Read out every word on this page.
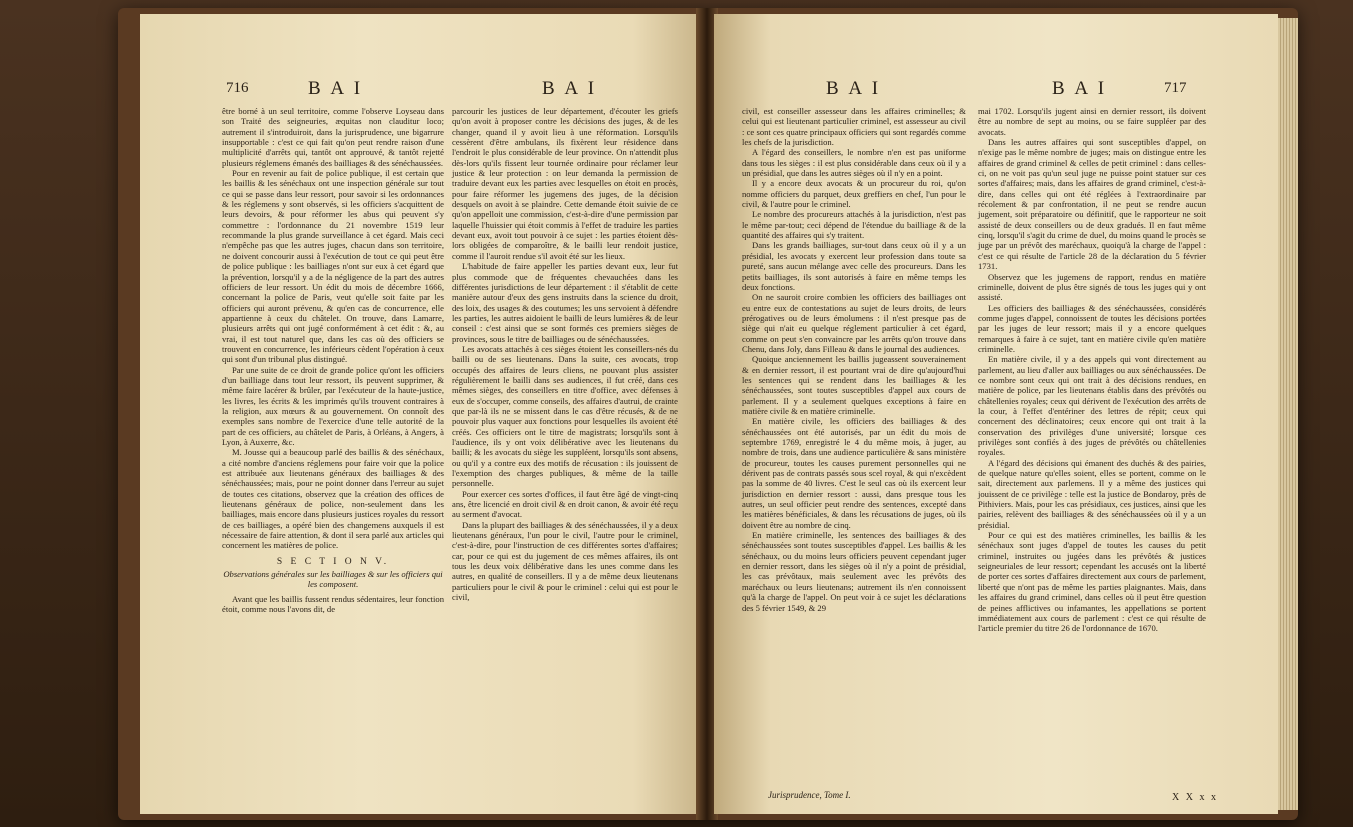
716	B A I	B A I

être borné à un seul territoire, comme l'observe Loyseau dans son Traité des seigneuries, æquitas non clauditur loco; autrement il s'introduiroit, dans la jurisprudence, une bigarrure insupportable : c'est ce qui fait qu'on peut rendre raison d'une multiplicité d'arrêts qui, tantôt ont approuvé, & tantôt rejetté plusieurs réglemens émanés des bailliages & des sénéchaussées.

Pour en revenir au fait de police publique, il est certain que les baillis & les sénéchaux ont une inspection générale sur tout ce qui se passe dans leur ressort, pour savoir si les ordonnances & les réglemens y sont observés, si les officiers s'acquittent de leurs devoirs, & pour réformer les abus qui peuvent s'y commettre : l'ordonnance du 21 novembre 1519 leur recommande la plus grande surveillance à cet égard. Mais ceci n'empêche pas que les autres juges, chacun dans son territoire, ne doivent concourir aussi à l'exécution de tout ce qui peut être de police publique : les bailliages n'ont sur eux à cet égard que la prévention, lorsqu'il y a de la négligence de la part des autres officiers de leur ressort. Un édit du mois de décembre 1666, concernant la police de Paris, veut qu'elle soit faite par les officiers qui auront prévenu, & qu'en cas de concurrence, elle appartienne à ceux du châtelet. On trouve, dans Lamarre, plusieurs arrêts qui ont jugé conformément à cet édit : &, au vrai, il est tout naturel que, dans les cas où des officiers se trouvent en concurrence, les inférieurs cèdent l'opération à ceux qui sont d'un tribunal plus distingué.

Par une suite de ce droit de grande police qu'ont les officiers d'un bailliage dans tout leur ressort, ils peuvent supprimer, & même faire lacérer & brûler, par l'exécuteur de la haute-justice, les livres, les écrits & les imprimés qu'ils trouvent contraires à la religion, aux mœurs & au gouvernement. On connoît des exemples sans nombre de l'exercice d'une telle autorité de la part de ces officiers, au châtelet de Paris, à Orléans, à Angers, à Lyon, à Auxerre, &c.

M. Jousse qui a beaucoup parlé des baillis & des sénéchaux, a cité nombre d'anciens réglemens pour faire voir que la police est attribuée aux lieutenans généraux des bailliages & des sénéchaussées; mais, pour ne point donner dans l'erreur au sujet de toutes ces citations, observez que la création des offices de lieutenans généraux de police, non-seulement dans les bailliages, mais encore dans plusieurs justices royales du ressort de ces bailliages, a opéré bien des changemens auxquels il est nécessaire de faire attention, & dont il sera parlé aux articles qui concernent les matières de police.

S E C T I O N V.
Observations générales sur les bailliages & sur les officiers qui les composent.

Avant que les baillis fussent rendus sédentaires, leur fonction étoit, comme nous l'avons dit, de

parcourir les justices de leur département, d'écouter les griefs qu'on avoit à proposer contre les décisions des juges, & de les changer, quand il y avoit lieu à une réformation. Lorsqu'ils cessèrent d'être ambulans, ils fixèrent leur résidence dans l'endroit le plus considérable de leur province. On n'attendit plus dès-lors qu'ils fissent leur tournée ordinaire pour réclamer leur justice & leur protection : on leur demanda la permission de traduire devant eux les parties avec lesquelles on étoit en procès, pour faire réformer les jugemens des juges, de la décision desquels on avoit à se plaindre. Cette demande étoit suivie de ce qu'on appelloit une commission, c'est-à-dire d'une permission par laquelle l'huissier qui étoit commis à l'effet de traduire les parties devant eux, avoit tout pouvoir à ce sujet : les parties étoient dès-lors obligées de comparoître, & le bailli leur rendoit justice, comme il l'auroit rendue s'il avoit été sur les lieux.

L'habitude de faire appeller les parties devant eux, leur fut plus commode que de fréquentes chevauchées dans les différentes jurisdictions de leur département : il s'établit de cette manière autour d'eux des gens instruits dans la science du droit, des loix, des usages & des coutumes; les uns servoient à défendre les parties, les autres aidoient le bailli de leurs lumières & de leur conseil : c'est ainsi que se sont formés ces premiers sièges de provinces, sous le titre de bailliages ou de sénéchaussées.

Les avocats attachés à ces sièges étoient les conseillers-nés du bailli ou de ses lieutenans. Dans la suite, ces avocats, trop occupés des affaires de leurs cliens, ne pouvant plus assister régulièrement le bailli dans ses audiences, il fut créé, dans ces mêmes sièges, des conseillers en titre d'office, avec défenses à eux de s'occuper, comme conseils, des affaires d'autrui, de crainte que par-là ils ne se missent dans le cas d'être récusés, & de ne pouvoir plus vaquer aux fonctions pour lesquelles ils avoient été créés. Ces officiers ont le titre de magistrats; lorsqu'ils sont à l'audience, ils y ont voix délibérative avec les lieutenans du bailli; & les avocats du siège les suppléent, lorsqu'ils sont absens, ou qu'il y a contre eux des motifs de récusation : ils jouissent de l'exemption des charges publiques, & même de la taille personnelle.

Pour exercer ces sortes d'offices, il faut être âgé de vingt-cinq ans, être licencié en droit civil & en droit canon, & avoir été reçu au serment d'avocat.

Dans la plupart des bailliages & des sénéchaussées, il y a deux lieutenans généraux, l'un pour le civil, l'autre pour le criminel, c'est-à-dire, pour l'instruction de ces différentes sortes d'affaires; car, pour ce qui est du jugement de ces mêmes affaires, ils ont tous les deux voix délibérative dans les unes comme dans les autres, en qualité de conseillers. Il y a de même deux lieutenans particuliers pour le civil & pour le criminel : celui qui est pour le civil,

B A I	B A I	717

civil, est conseiller assesseur dans les affaires criminelles; & celui qui est lieutenant particulier criminel, est assesseur au civil : ce sont ces quatre principaux officiers qui sont regardés comme les chefs de la jurisdiction.

A l'égard des conseillers, le nombre n'en est pas uniforme dans tous les sièges : il est plus considérable dans ceux où il y a un présidial, que dans les autres sièges où il n'y en a point.

Il y a encore deux avocats & un procureur du roi, qu'on nomme officiers du parquet, deux greffiers en chef, l'un pour le civil, & l'autre pour le criminel.

Le nombre des procureurs attachés à la jurisdiction, n'est pas le même par-tout; ceci dépend de l'étendue du bailliage & de la quantité des affaires qui s'y traitent.

Dans les grands bailliages, sur-tout dans ceux où il y a un présidial, les avocats y exercent leur profession dans toute sa pureté, sans aucun mélange avec celle des procureurs. Dans les petits bailliages, ils sont autorisés à faire en même temps les deux fonctions.

On ne sauroit croire combien les officiers des bailliages ont eu entre eux de contestations au sujet de leurs droits, de leurs prérogatives ou de leurs émolumens : il n'est presque pas de siège qui n'ait eu quelque réglement particulier à cet égard, comme on peut s'en convaincre par les arrêts qu'on trouve dans Chenu, dans Joly, dans Filleau & dans le journal des audiences.

Quoique anciennement les baillis jugeassent souverainement & en dernier ressort, il est pourtant vrai de dire qu'aujourd'hui les sentences qui se rendent dans les bailliages & les sénéchaussées, sont toutes susceptibles d'appel aux cours de parlement. Il y a seulement quelques exceptions à faire en matière civile & en matière criminelle.

En matière civile, les officiers des bailliages & des sénéchaussées ont été autorisés, par un édit du mois de septembre 1769, enregistré le 4 du même mois, à juger, au nombre de trois, dans une audience particulière & sans ministère de procureur, toutes les causes purement personnelles qui ne dérivent pas de contrats passés sous scel royal, & qui n'excèdent pas la somme de 40 livres. C'est le seul cas où ils exercent leur jurisdiction en dernier ressort : aussi, dans presque tous les autres, un seul officier peut rendre des sentences, excepté dans les matières bénéficiales, & dans les récusations de juges, où ils doivent être au nombre de cinq.

En matière criminelle, les sentences des bailliages & des sénéchaussées sont toutes susceptibles d'appel. Les baillis & les sénéchaux, ou du moins leurs officiers peuvent cependant juger en dernier ressort, dans les sièges où il n'y a point de présidial, les cas prévôtaux, mais seulement avec les prévôts des maréchaux ou leurs lieutenans; autrement ils n'en connoissent qu'à la charge de l'appel. On peut voir à ce sujet les déclarations des 5 février 1549, & 29

Jurisprudence, Tome I.

mai 1702. Lorsqu'ils jugent ainsi en dernier ressort, ils doivent être au nombre de sept au moins, ou se faire suppléer par des avocats.

Dans les autres affaires qui sont susceptibles d'appel, on n'exige pas le même nombre de juges; mais on distingue entre les affaires de grand criminel & celles de petit criminel : dans celles-ci, on ne voit pas qu'un seul juge ne puisse point statuer sur ces sortes d'affaires; mais, dans les affaires de grand criminel, c'est-à-dire, dans celles qui ont été réglées à l'extraordinaire par récolement & par confrontation, il ne peut se rendre aucun jugement, soit préparatoire ou définitif, que le rapporteur ne soit assisté de deux conseillers ou de deux gradués. Il en faut même cinq, lorsqu'il s'agit du crime de duel, du moins quand le procès se juge par un prévôt des maréchaux, quoiqu'à la charge de l'appel : c'est ce qui résulte de l'article 28 de la déclaration du 5 février 1731.

Observez que les jugemens de rapport, rendus en matière criminelle, doivent de plus être signés de tous les juges qui y ont assisté.

Les officiers des bailliages & des sénéchaussées, considérés comme juges d'appel, connoissent de toutes les décisions portées par les juges de leur ressort; mais il y a encore quelques remarques à faire à ce sujet, tant en matière civile qu'en matière criminelle.

En matière civile, il y a des appels qui vont directement au parlement, au lieu d'aller aux bailliages ou aux sénéchaussées. De ce nombre sont ceux qui ont trait à des décisions rendues, en matière de police, par les lieutenans établis dans des prévôtés ou châtellenies royales; ceux qui dérivent de l'exécution des arrêts de la cour, à l'effet d'entériner des lettres de répit; ceux qui concernent des déclinatoires; ceux encore qui ont trait à la conservation des privilèges d'une université; lorsque ces privilèges sont confiés à des juges de prévôtés ou châtellenies royales.

A l'égard des décisions qui émanent des duchés & des pairies, de quelque nature qu'elles soient, elles se portent, comme on le sait, directement aux parlemens. Il y a même des justices qui jouissent de ce privilège : telle est la justice de Bondaroy, près de Pithiviers. Mais, pour les cas présidiaux, ces justices, ainsi que les pairies, relèvent des bailliages & des sénéchaussées où il y a un présidial.

Pour ce qui est des matières criminelles, les baillis & les sénéchaux sont juges d'appel de toutes les causes du petit criminel, instruites ou jugées dans les prévôtés & justices seigneuriales de leur ressort; cependant les accusés ont la liberté de porter ces sortes d'affaires directement aux cours de parlement, liberté que n'ont pas de même les parties plaignantes. Mais, dans les affaires du grand criminel, dans celles où il peut être question de peines afflictives ou infamantes, les appellations se portent immédiatement aux cours de parlement : c'est ce qui résulte de l'article premier du titre 26 de l'ordonnance de 1670.

X X x x
